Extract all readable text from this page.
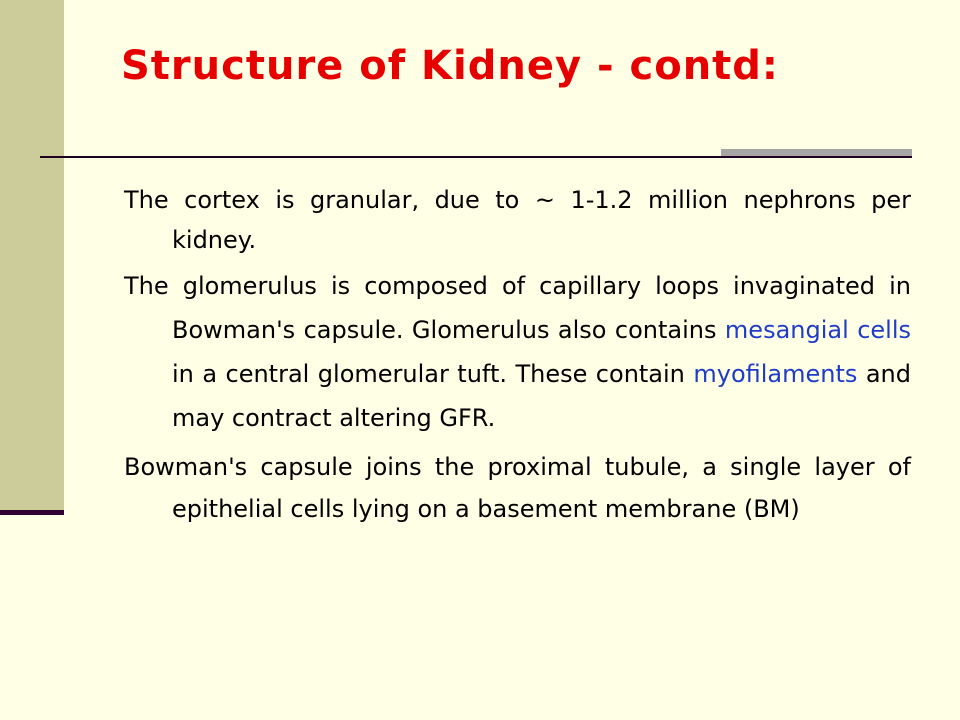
Structure of Kidney - contd:

The cortex is granular, due to ~ 1-1.2 million nephrons per kidney.

The glomerulus is composed of capillary loops invaginated in Bowman's capsule. Glomerulus also contains mesangial cells in a central glomerular tuft. These contain myofilaments and may contract altering GFR.

Bowman's capsule joins the proximal tubule, a single layer of epithelial cells lying on a basement membrane (BM)
